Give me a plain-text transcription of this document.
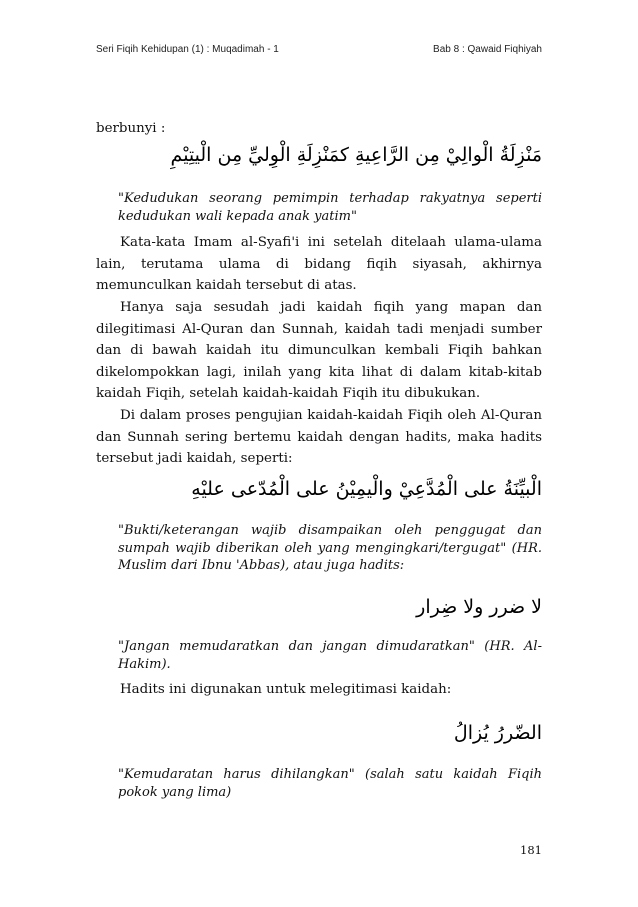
Seri Fiqih Kehidupan (1) : Muqadimah - 1	Bab 8 : Qawaid Fiqhiyah
berbunyi :
مَنْزِلَةُ الْوالِيْ مِن الرَّاعِيةِ كمَنْزِلَةِ الْوِليِّ مِن الْيتِيْمِ
"Kedudukan seorang pemimpin terhadap rakyatnya seperti kedudukan wali kepada anak yatim"

Kata-kata Imam al-Syafi'i ini setelah ditelaah ulama-ulama lain, terutama ulama di bidang fiqih siyasah, akhirnya memunculkan kaidah tersebut di atas.

Hanya saja sesudah jadi kaidah fiqih yang mapan dan dilegitimasi Al-Quran dan Sunnah, kaidah tadi menjadi sumber dan di bawah kaidah itu dimunculkan kembali Fiqih bahkan dikelompokkan lagi, inilah yang kita lihat di dalam kitab-kitab kaidah Fiqih, setelah kaidah-kaidah Fiqih itu dibukukan.

Di dalam proses pengujian kaidah-kaidah Fiqih oleh Al-Quran dan Sunnah sering bertemu kaidah dengan hadits, maka hadits tersebut jadi kaidah, seperti:

الْبيِّنَةُ على الْمُدَّعِيْ والْيمِيْنُ على الْمُدّعى عليْهِ
"Bukti/keterangan wajib disampaikan oleh penggugat dan sumpah wajib diberikan oleh yang mengingkari/tergugat" (HR. Muslim dari Ibnu 'Abbas), atau juga hadits:
لا ضرر ولا ضِرار
"Jangan memudaratkan dan jangan dimudaratkan" (HR. Al-Hakim).
Hadits ini digunakan untuk melegitimasi kaidah:
الضّررُ يُزالُ
"Kemudaratan harus dihilangkan" (salah satu kaidah Fiqih pokok yang lima)
181
